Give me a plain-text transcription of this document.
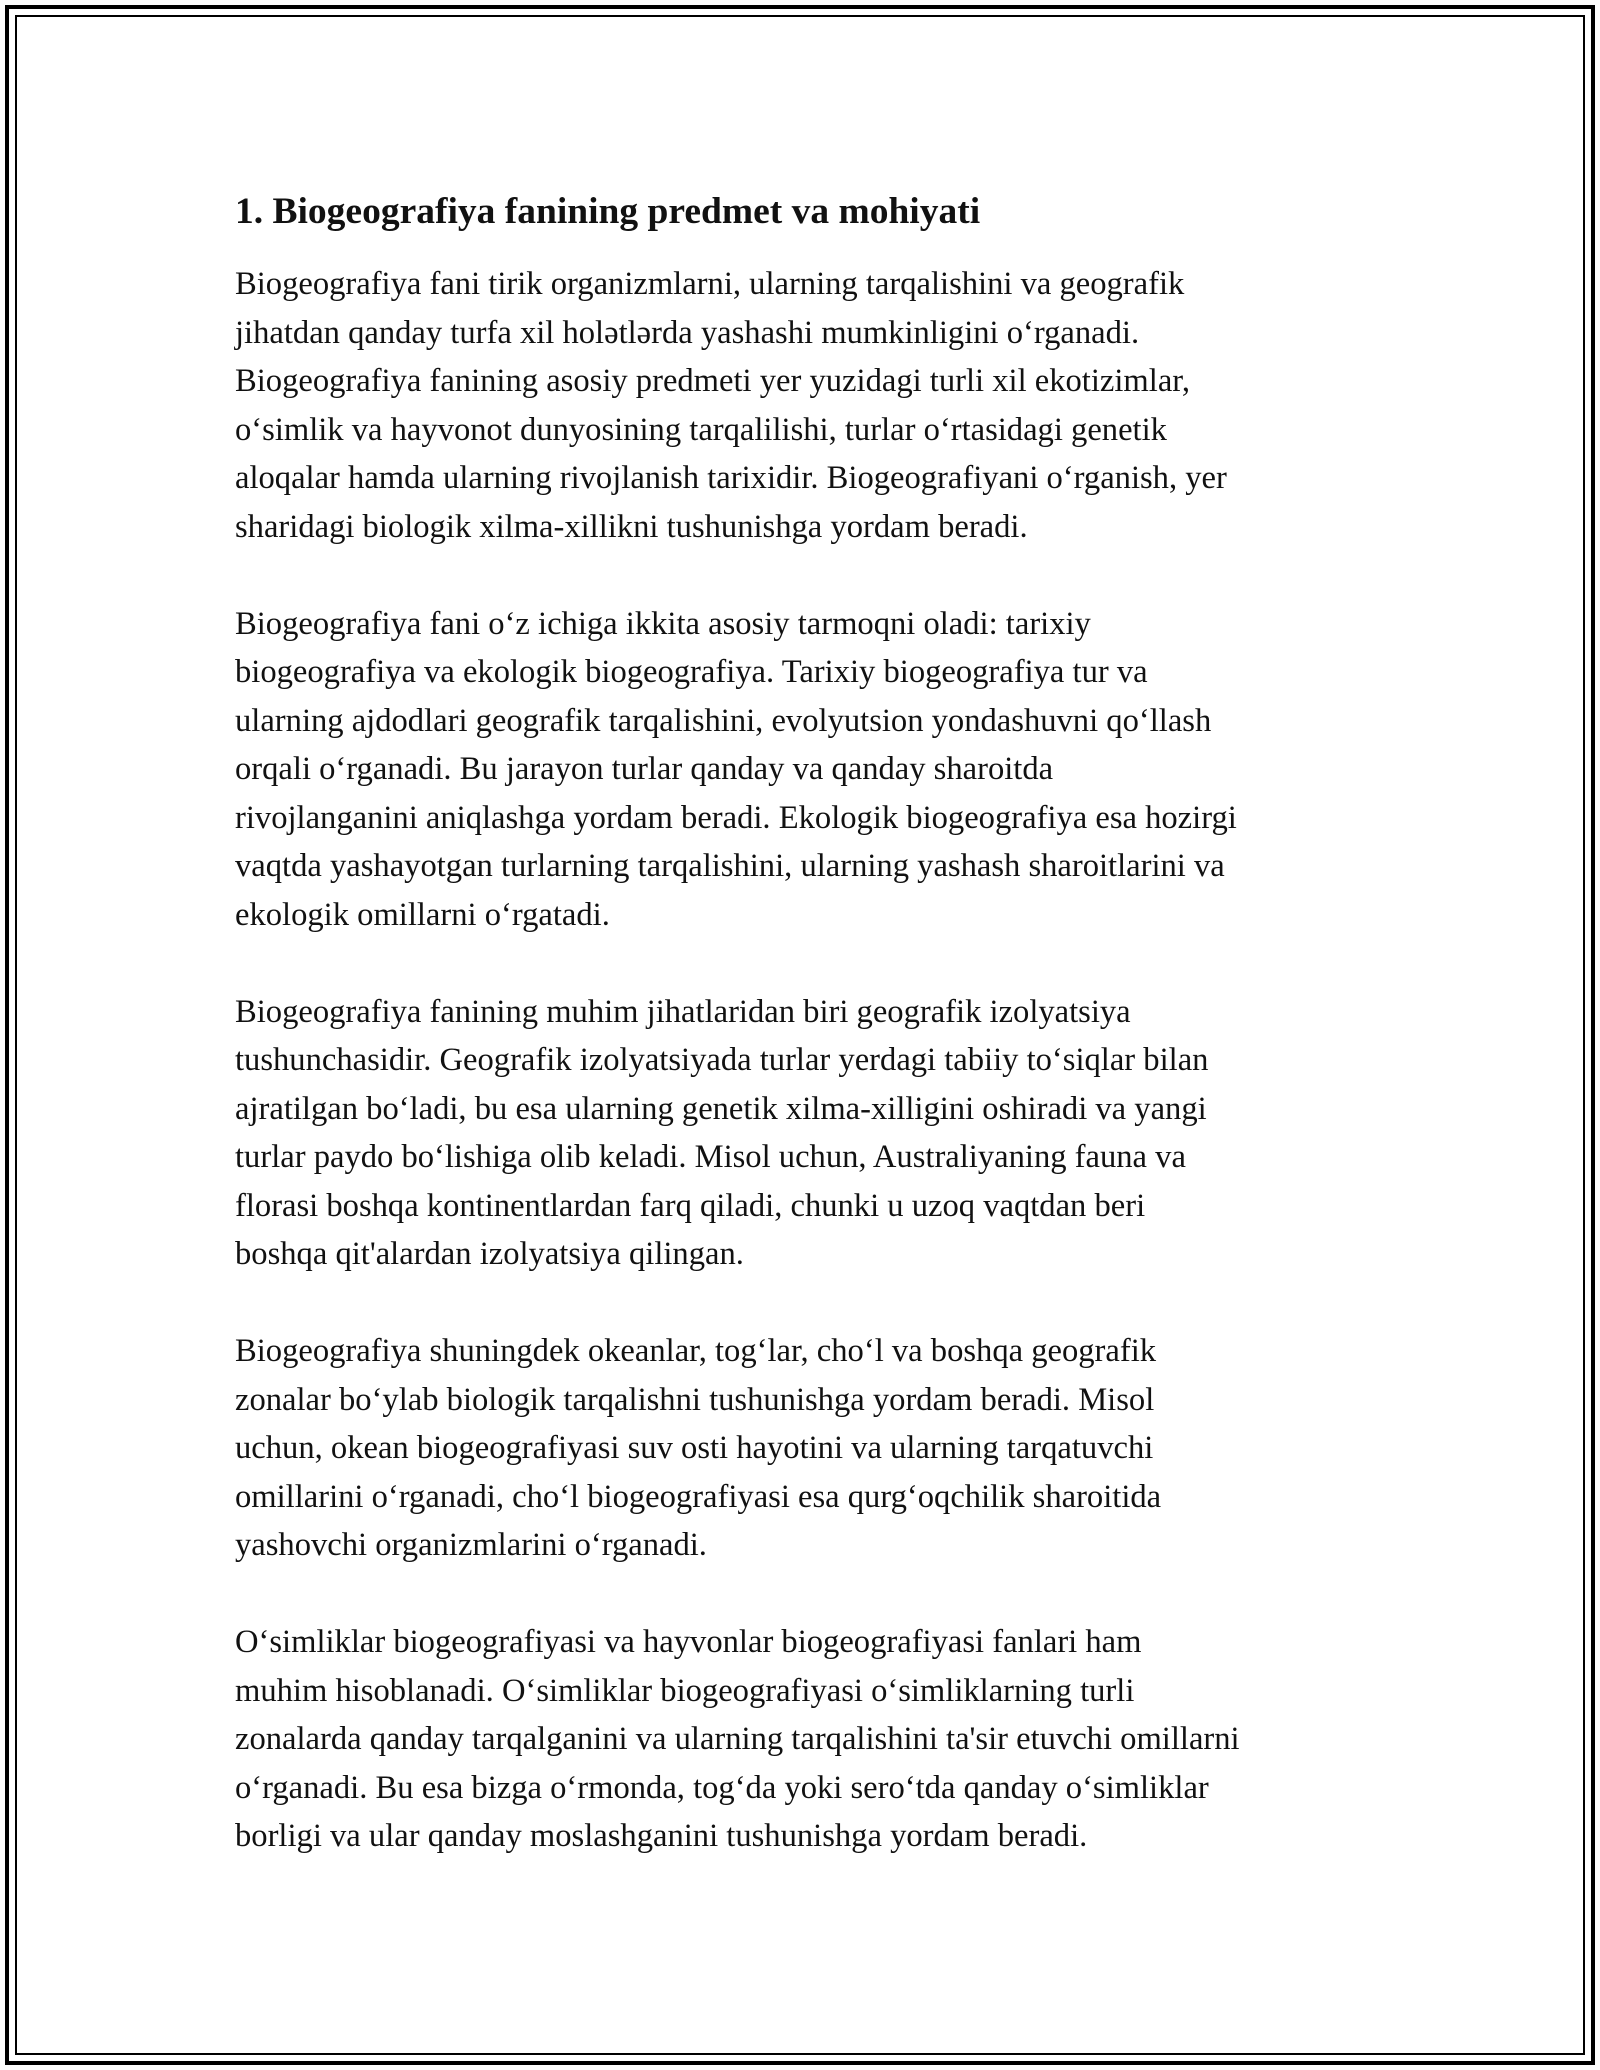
1. Biogeografiya fanining predmet va mohiyati

Biogeografiya fani tirik organizmlarni, ularning tarqalishini va geografik
jihatdan qanday turfa xil holətlərda yashashi mumkinligini o‘rganadi.
Biogeografiya fanining asosiy predmeti yer yuzidagi turli xil ekotizimlar,
o‘simlik va hayvonot dunyosining tarqalilishi, turlar o‘rtasidagi genetik
aloqalar hamda ularning rivojlanish tarixidir. Biogeografiyani o‘rganish, yer
sharidagi biologik xilma-xillikni tushunishga yordam beradi.

Biogeografiya fani o‘z ichiga ikkita asosiy tarmoqni oladi: tarixiy
biogeografiya va ekologik biogeografiya. Tarixiy biogeografiya tur va
ularning ajdodlari geografik tarqalishini, evolyutsion yondashuvni qo‘llash
orqali o‘rganadi. Bu jarayon turlar qanday va qanday sharoitda
rivojlanganini aniqlashga yordam beradi. Ekologik biogeografiya esa hozirgi
vaqtda yashayotgan turlarning tarqalishini, ularning yashash sharoitlarini va
ekologik omillarni o‘rgatadi.

Biogeografiya fanining muhim jihatlaridan biri geografik izolyatsiya
tushunchasidir. Geografik izolyatsiyada turlar yerdagi tabiiy to‘siqlar bilan
ajratilgan bo‘ladi, bu esa ularning genetik xilma-xilligini oshiradi va yangi
turlar paydo bo‘lishiga olib keladi. Misol uchun, Australiyaning fauna va
florasi boshqa kontinentlardan farq qiladi, chunki u uzoq vaqtdan beri
boshqa qit'alardan izolyatsiya qilingan.

Biogeografiya shuningdek okeanlar, tog‘lar, cho‘l va boshqa geografik
zonalar bo‘ylab biologik tarqalishni tushunishga yordam beradi. Misol
uchun, okean biogeografiyasi suv osti hayotini va ularning tarqatuvchi
omillarini o‘rganadi, cho‘l biogeografiyasi esa qurg‘oqchilik sharoitida
yashovchi organizmlarini o‘rganadi.

O‘simliklar biogeografiyasi va hayvonlar biogeografiyasi fanlari ham
muhim hisoblanadi. O‘simliklar biogeografiyasi o‘simliklarning turli
zonalarda qanday tarqalganini va ularning tarqalishini ta'sir etuvchi omillarni
o‘rganadi. Bu esa bizga o‘rmonda, tog‘da yoki sero‘tda qanday o‘simliklar
borligi va ular qanday moslashganini tushunishga yordam beradi.
